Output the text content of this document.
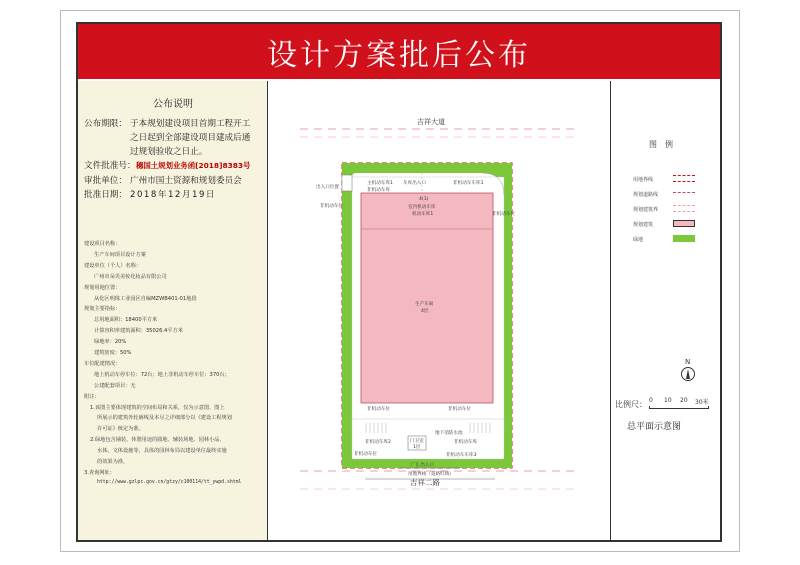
设计方案批后公布
公布说明
公布期限： 于本规划建设项目首期工程开工
之日起到全部建设项目建成后通
过规划验收之日止。
文件批准号： 穗国土规划业务函[2018]8383号
审批单位： 广州市国土资源和规划委员会
批准日期： 2018年12月19日
建设项目名称：
生产车间项目设计方案
建设单位（个人）名称：
广州市朵芙美妆化妆品有限公司
规划用地位置：
从化区明珠工业园区自编MZWB401-01地段
规划主要指标：
总用地面积：18400平方米
计算容积率建筑面积：35026.4平方米
绿地率：20%
建筑密度：50%
车位配建情况：
地上机动车停车位：72台；地上非机动车停车位：370台；
公建配套项目：无
附注：
1.该图主要体现建筑的空间布局和关系，仅为示意图，图上
所展示的建筑外轮廓线及本尽之详细部分以《建设工程规划
许可证》核定为准。
2.绿地包含铺装、休憩用途的圆地、辅装场地、园林小品、
水体、文体设施等，具体的园林布局以建设单位最终实施
的效果为准。
3.查询网址：
http://www.gzlpc.gov.cn/gtzy/c100114/tt_ywpd.shtml
吉祥大道
吉祥二路
4(1)
室内机动车库
机动车库1
生产车间
4层
出入口位置
车库出入口
主机动车库1	非机动车车库1
非机动车位
非机动车位
非机动车库
非机动车位
非机动车库2
非机动车位
非机动车库
地下消防水池
门卫室
1层
广汇出入口
用地界线（道路红线）
非机动车车库3
非机动车位
图　例
用地界线
规划道路线
规划建筑界
规划建筑
绿地
N
比例尺： 0 10 20 30米
总平面示意图
